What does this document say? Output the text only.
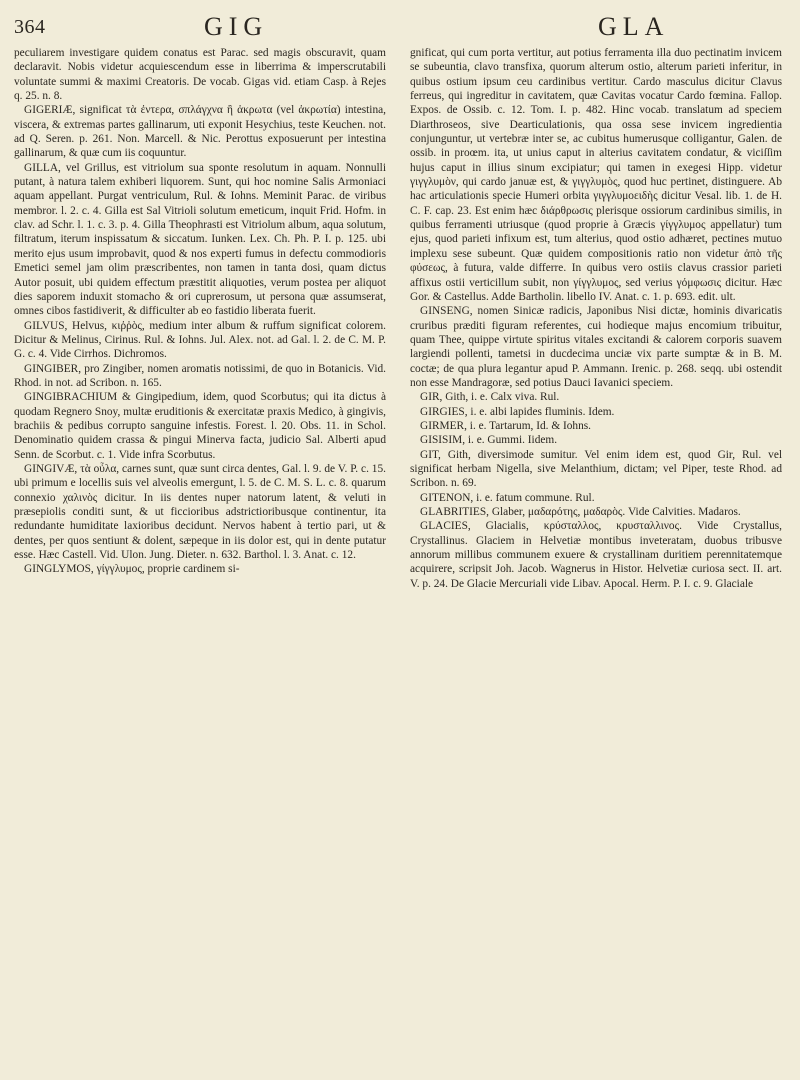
364	GIG	GLA

peculiarem investigare quidem conatus est Parac. sed magis obscuravit, quam declaravit. Nobis videtur acquiescendum esse in liberrima & imperscrutabili voluntate summi & maximi Creatoris. De vocab. Gigas vid. etiam Casp. à Rejes q. 25. n. 8.

GIGERIÆ, significat τὰ ἐντερα, σπλάγχνα ἢ ἀκρωτα (vel ἀκρωτία) intestina, viscera, & extremas partes gallinarum, uti exponit Hesychius, teste Keuchen. not. ad Q. Seren. p. 261. Non. Marcell. & Nic. Perottus exposuerunt per intestina gallinarum, & quæ cum iis coquuntur.

GILLA, vel Grillus, est vitriolum sua sponte resolutum in aquam. Nonnulli putant, à natura talem exhiberi liquorem. Sunt, qui hoc nomine Salis Armoniaci aquam appellant. Purgat ventriculum, Rul. & Iohns. Meminit Parac. de viribus membror. l. 2. c. 4. Gilla est Sal Vitrioli solutum emeticum, inquit Frid. Hofm. in clav. ad Schr. l. 1. c. 3. p. 4. Gilla Theophrasti est Vitriolum album, aqua solutum, filtratum, iterum inspissatum & siccatum. Iunken. Lex. Ch. Ph. P. I. p. 125. ubi merito ejus usum improbavit, quod & nos experti fumus in defectu commodioris Emetici semel jam olim præscribentes, non tamen in tanta dosi, quam dictus Autor posuit, ubi quidem effectum præstitit aliquoties, verum postea per aliquot dies saporem induxit stomacho & ori cuprerosum, ut persona quæ assumserat, omnes cibos fastidiverit, & difficulter ab eo fastidio liberata fuerit.

GILVUS, Helvus, κιῤῥὸς, medium inter album & ruffum significat colorem. Dicitur & Melinus, Cirinus. Rul. & Iohns. Jul. Alex. not. ad Gal. l. 2. de C. M. P. G. c. 4. Vide Cirrhos. Dichromos.

GINGIBER, pro Zingiber, nomen aromatis notissimi, de quo in Botanicis. Vid. Rhod. in not. ad Scribon. n. 165.

GINGIBRACHIUM & Gingipedium, idem, quod Scorbutus; qui ita dictus à quodam Regnero Snoy, multæ eruditionis & exercitatæ praxis Medico, à gingivis, brachiis & pedibus corrupto sanguine infestis. Forest. l. 20. Obs. 11. in Schol. Denominatio quidem crassa & pingui Minerva facta, judicio Sal. Alberti apud Senn. de Scorbut. c. 1. Vide infra Scorbutus.

GINGIVÆ, τὰ οὖλα, carnes sunt, quæ sunt circa dentes, Gal. l. 9. de V. P. c. 15. ubi primum e locellis suis vel alveolis emergunt, l. 5. de C. M. S. L. c. 8. quarum connexio χαλινὸς dicitur. In iis dentes nuper natorum latent, & veluti in præsepiolis conditi sunt, & ut ficcioribus adstrictioribusque continentur, ita redundante humiditate laxioribus decidunt. Nervos habent à tertio pari, ut & dentes, per quos sentiunt & dolent, sæpeque in iis dolor est, qui in dente putatur esse. Hæc Castell. Vid. Ulon. Jung. Dieter. n. 632. Barthol. l. 3. Anat. c. 12.

GINGLYMOS, γίγγλυμος, proprie cardinem si-

gnificat, qui cum porta vertitur, aut potius ferramenta illa duo pectinatim invicem se subeuntia, clavo transfixa, quorum alterum ostio, alterum parieti inferitur, in quibus ostium ipsum ceu cardinibus vertitur. Cardo masculus dicitur Clavus ferreus, qui ingreditur in cavitatem, quæ Cavitas vocatur Cardo fœmina. Fallop. Expos. de Ossib. c. 12. Tom. I. p. 482. Hinc vocab. translatum ad speciem Diarthroseos, sive Dearticulationis, qua ossa sese invicem ingredientia conjunguntur, ut vertebræ inter se, ac cubitus humerusque colligantur, Galen. de ossib. in proœm. ita, ut unius caput in alterius cavitatem condatur, & viciſſim hujus caput in illius sinum excipiatur; qui tamen in exegesi Hipp. videtur γιγγλυμὸν, qui cardo januæ est, & γιγγλυμὸς, quod huc pertinet, distinguere. Ab hac articulationis specie Humeri orbita γιγγλυμοειδὴς dicitur Vesal. lib. 1. de H. C. F. cap. 23. Est enim hæc διάρθρωσις plerisque ossiorum cardinibus similis, in quibus ferramenti utriusque (quod proprie à Græcis γίγγλυμος appellatur) tum ejus, quod parieti infixum est, tum alterius, quod ostio adhæret, pectines mutuo implexu sese subeunt. Quæ quidem compositionis ratio non videtur ἀπὸ τῆς φύσεως, à futura, valde differre. In quibus vero ostiis clavus crassior parieti affixus ostii verticillum subit, non γίγγλυμος, sed verius γόμφωσις dicitur. Hæc Gor. & Castellus. Adde Bartholin. libello IV. Anat. c. 1. p. 693. edit. ult.

GINSENG, nomen Sinicæ radicis, Japonibus Nisi dictæ, hominis divaricatis cruribus præditi figuram referentes, cui hodieque majus encomium tribuitur, quam Thee, quippe virtute spiritus vitales excitandi & calorem corporis suavem largiendi pollenti, tametsi in ducdecima unciæ vix parte sumptæ & in B. M. coctæ; de qua plura legantur apud P. Ammann. Irenic. p. 268. seqq. ubi ostendit non esse Mandragoræ, sed potius Dauci Iavanici speciem.

GIR, Gith, i. e. Calx viva. Rul.

GIRGIES, i. e. albi lapides fluminis. Idem.

GIRMER, i. e. Tartarum, Id. & Iohns.

GISISIM, i. e. Gummi. Iidem.

GIT, Gith, diversimode sumitur. Vel enim idem est, quod Gir, Rul. vel significat herbam Nigella, sive Melanthium, dictam; vel Piper, teste Rhod. ad Scribon. n. 69.

GITENON, i. e. fatum commune. Rul.

GLABRITIES, Glaber, μαδαρότης, μαδαρὸς. Vide Calvities. Madaros.

GLACIES, Glacialis, κρύσταλλος, κρυσταλλινος. Vide Crystallus, Crystallinus. Glaciem in Helvetiæ montibus inveteratam, duobus tribusve annorum millibus communem exuere & crystallinam duritiem perennitatemque acquirere, scripsit Joh. Jacob. Wagnerus in Histor. Helvetiæ curiosa sect. II. art. V. p. 24. De Glacie Mercuriali vide Libav. Apocal. Herm. P. I. c. 9. Glaciale
